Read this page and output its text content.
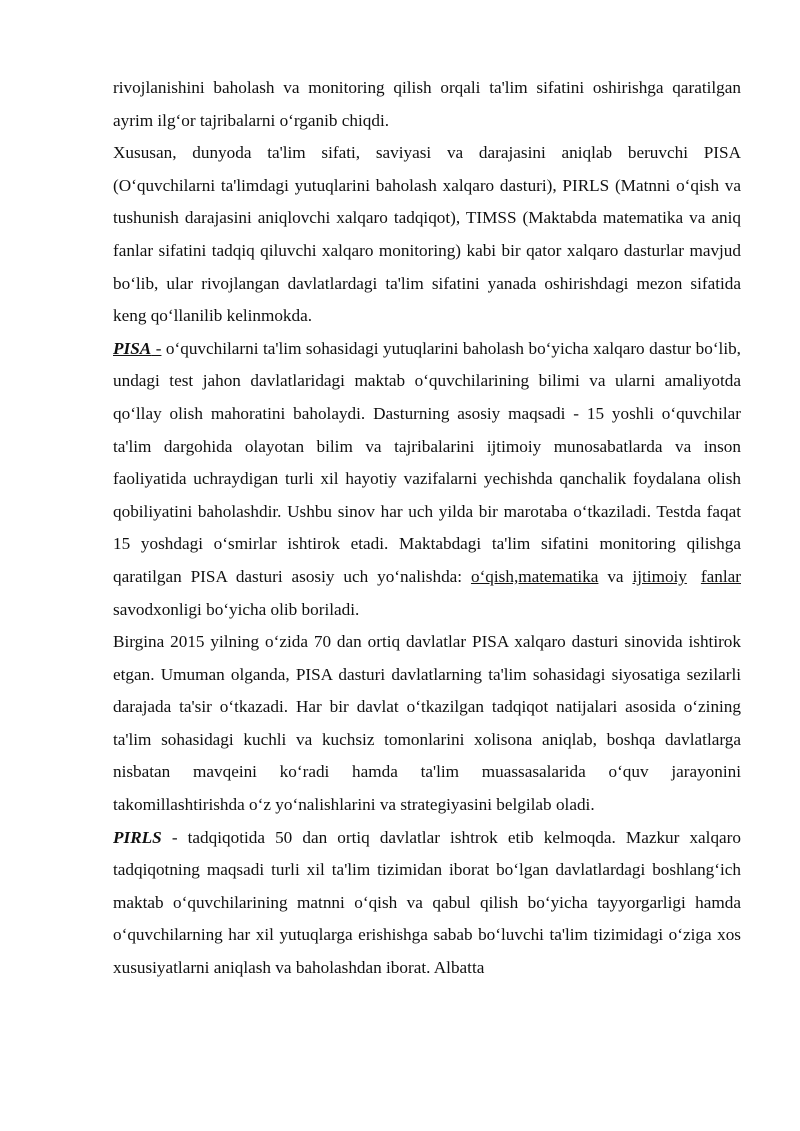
rivojlanishini baholash va monitoring qilish orqali ta'lim sifatini oshirishga qaratilgan ayrim ilg‘or tajribalarni o‘rganib chiqdi.

Xususan, dunyoda ta'lim sifati, saviyasi va darajasini aniqlab beruvchi PISA (O‘quvchilarni ta'limdagi yutuqlarini baholash xalqaro dasturi), PIRLS (Matnni o‘qish va tushunish darajasini aniqlovchi xalqaro tadqiqot), TIMSS (Maktabda matematika va aniq fanlar sifatini tadqiq qiluvchi xalqaro monitoring) kabi bir qator xalqaro dasturlar mavjud bo‘lib, ular rivojlangan davlatlardagi ta'lim sifatini yanada oshirishdagi mezon sifatida keng qo‘llanilib kelinmokda.

PISA - o‘quvchilarni ta'lim sohasidagi yutuqlarini baholash bo‘yicha xalqaro dastur bo‘lib, undagi test jahon davlatlaridagi maktab o‘quvchilarining bilimi va ularni amaliyotda qo‘llay olish mahoratini baholaydi. Dasturning asosiy maqsadi - 15 yoshli o‘quvchilar ta'lim dargohida olayotan bilim va tajribalarini ijtimoiy munosabatlarda va inson faoliyatida uchraydigan turli xil hayotiy vazifalarni yechishda qanchalik foydalana olish qobiliyatini baholashdir. Ushbu sinov har uch yilda bir marotaba o‘tkaziladi. Testda faqat 15 yoshdagi o‘smirlar ishtirok etadi. Maktabdagi ta'lim sifatini monitoring qilishga qaratilgan PISA dasturi asosiy uch yo‘nalishda: o‘qish,matematika va ijtimoiy fanlar savodxonligi bo‘yicha olib boriladi.

Birgina 2015 yilning o‘zida 70 dan ortiq davlatlar PISA xalqaro dasturi sinovida ishtirok etgan. Umuman olganda, PISA dasturi davlatlarning ta'lim sohasidagi siyosatiga sezilarli darajada ta'sir o‘tkazadi. Har bir davlat o‘tkazilgan tadqiqot natijalari asosida o‘zining ta'lim sohasidagi kuchli va kuchsiz tomonlarini xolisona aniqlab, boshqa davlatlarga nisbatan mavqeini ko‘radi hamda ta'lim muassasalarida o‘quv jarayonini takomillashtirishda o‘z yo‘nalishlarini va strategiyasini belgilab oladi.

PIRLS - tadqiqotida 50 dan ortiq davlatlar ishtrok etib kelmoqda. Mazkur xalqaro tadqiqotning maqsadi turli xil ta'lim tizimidan iborat bo‘lgan davlatlardagi boshlang‘ich maktab o‘quvchilarining matnni o‘qish va qabul qilish bo‘yicha tayyorgarligi hamda o‘quvchilarning har xil yutuqlarga erishishga sabab bo‘luvchi ta'lim tizimidagi o‘ziga xos xususiyatlarni aniqlash va baholashdan iborat. Albatta
